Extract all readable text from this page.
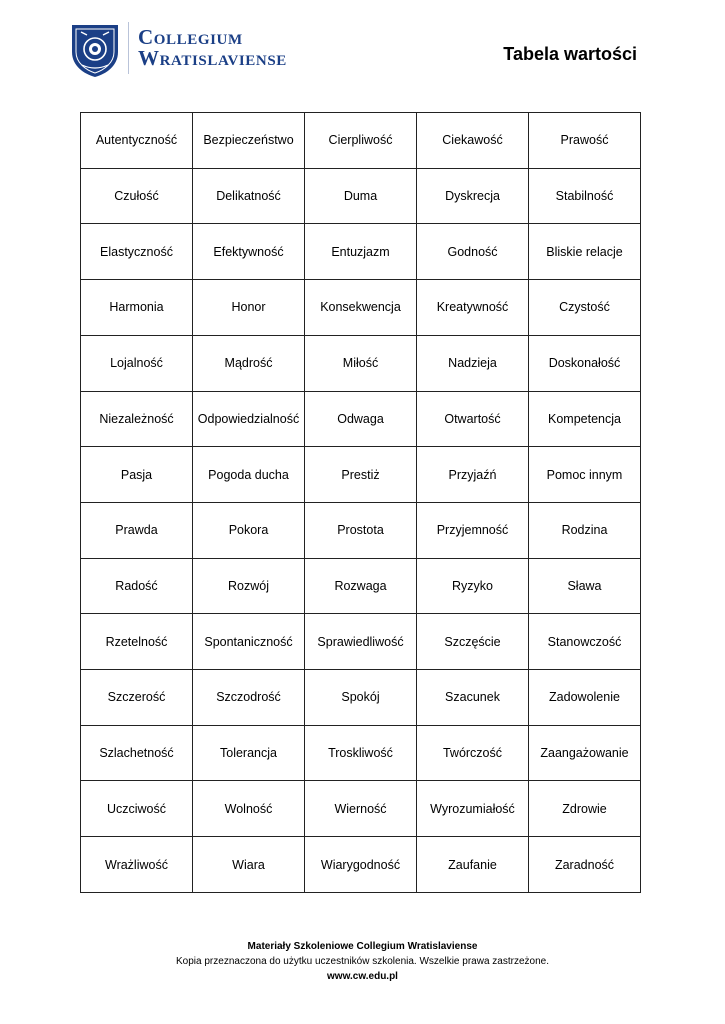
Collegium
Wratislaviense	Tabela wartości
Autentyczność	Bezpieczeństwo	Cierpliwość	Ciekawość	Prawość
Czułość	Delikatność	Duma	Dyskrecja	Stabilność
Elastyczność	Efektywność	Entuzjazm	Godność	Bliskie relacje
Harmonia	Honor	Konsekwencja	Kreatywność	Czystość
Lojalność	Mądrość	Miłość	Nadzieja	Doskonałość
Niezależność	Odpowiedzialność	Odwaga	Otwartość	Kompetencja
Pasja	Pogoda ducha	Prestiż	Przyjaźń	Pomoc innym
Prawda	Pokora	Prostota	Przyjemność	Rodzina
Radość	Rozwój	Rozwaga	Ryzyko	Sława
Rzetelność	Spontaniczność	Sprawiedliwość	Szczęście	Stanowczość
Szczerość	Szczodrość	Spokój	Szacunek	Zadowolenie
Szlachetność	Tolerancja	Troskliwość	Twórczość	Zaangażowanie
Uczciwość	Wolność	Wierność	Wyrozumiałość	Zdrowie
Wrażliwość	Wiara	Wiarygodność	Zaufanie	Zaradność
Materiały Szkoleniowe Collegium Wratislaviense
Kopia przeznaczona do użytku uczestników szkolenia. Wszelkie prawa zastrzeżone.
www.cw.edu.pl
